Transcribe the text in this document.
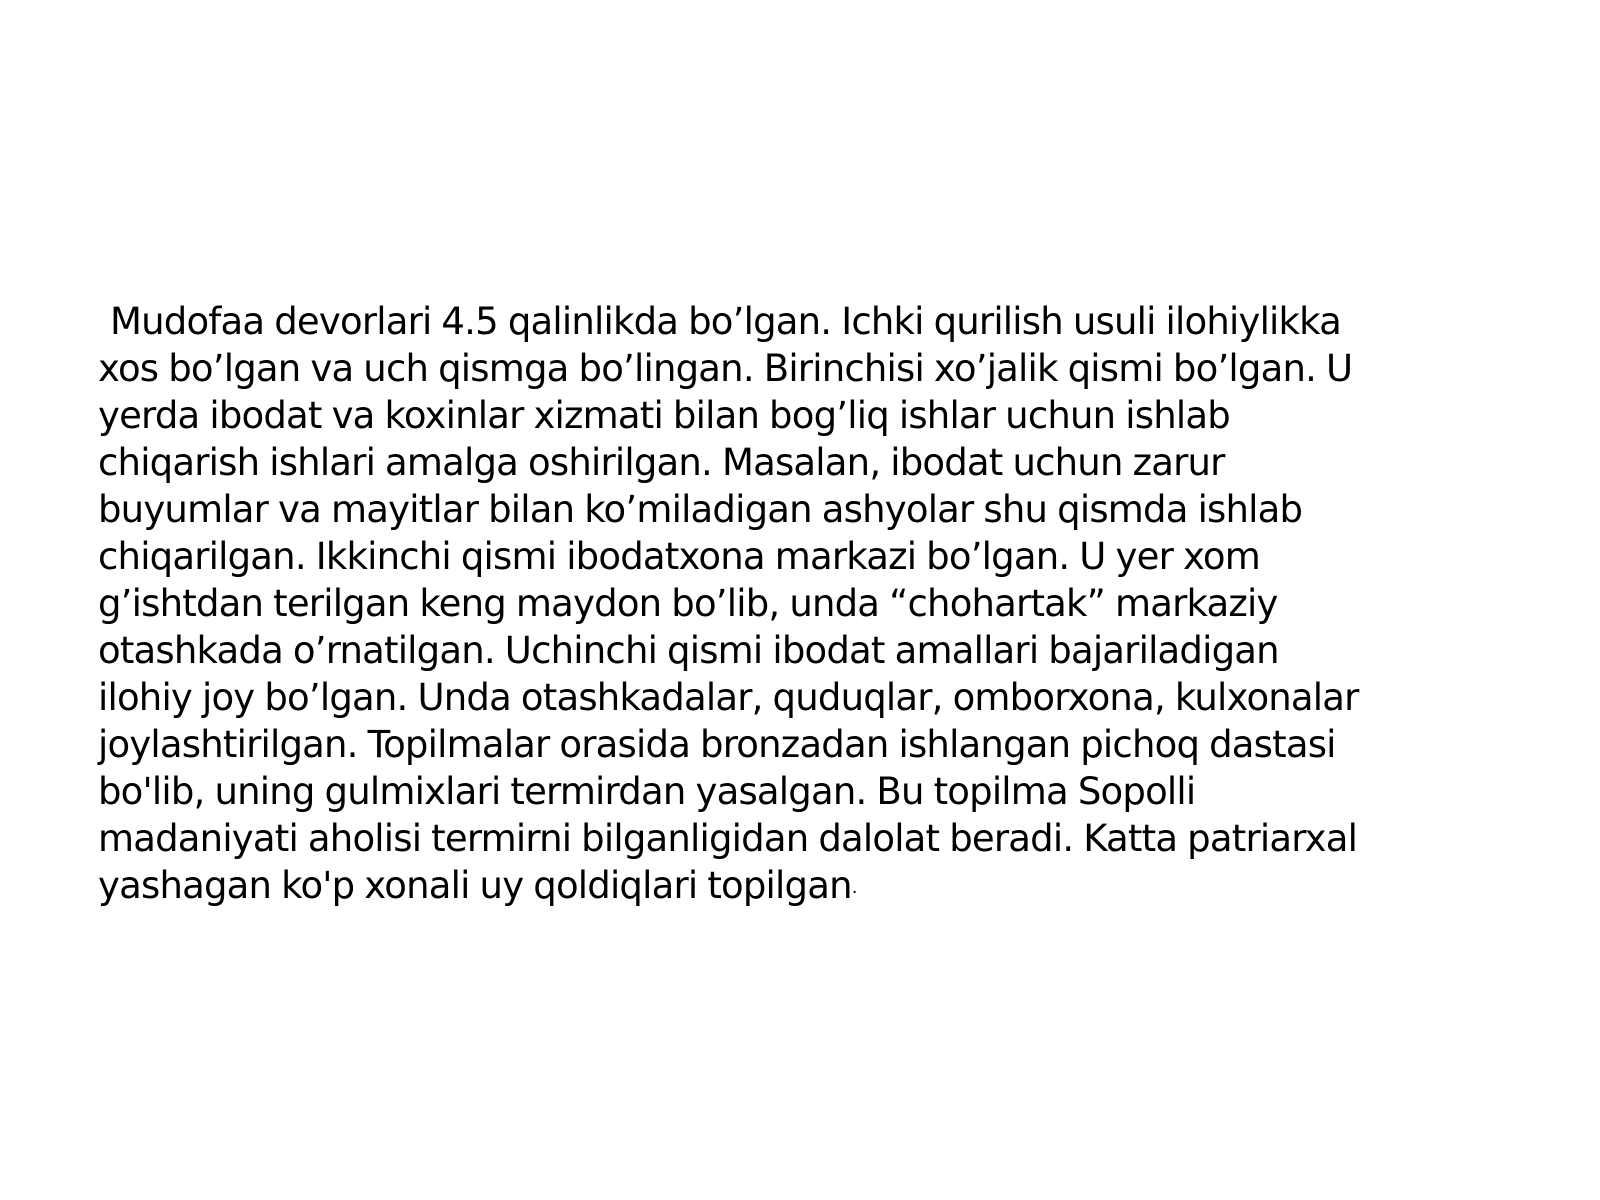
Mudofaa devorlari 4.5 qalinlikda bo’lgan. Ichki qurilish usuli ilohiylikka
xos bo’lgan va uch qismga bo’lingan. Birinchisi xo’jalik qismi bo’lgan. U
yerda ibodat va koxinlar xizmati bilan bog’liq ishlar uchun ishlab
chiqarish ishlari amalga oshirilgan. Masalan, ibodat uchun zarur
buyumlar va mayitlar bilan ko’miladigan ashyolar shu qismda ishlab
chiqarilgan. Ikkinchi qismi ibodatxona markazi bo’lgan. U yer xom
g’ishtdan terilgan keng maydon bo’lib, unda “chohartak” markaziy
otashkada o’rnatilgan. Uchinchi qismi ibodat amallari bajariladigan
ilohiy joy bo’lgan. Unda otashkadalar, quduqlar, omborxona, kulxonalar
joylashtirilgan. Topilmalar orasida bronzadan ishlangan pichoq dastasi
bo'lib, uning gulmixlari termirdan yasalgan. Bu topilma Sopolli
madaniyati aholisi termirni bilganligidan dalolat beradi. Katta patriarxal
yashagan ko'p xonali uy qoldiqlari topilgan.
